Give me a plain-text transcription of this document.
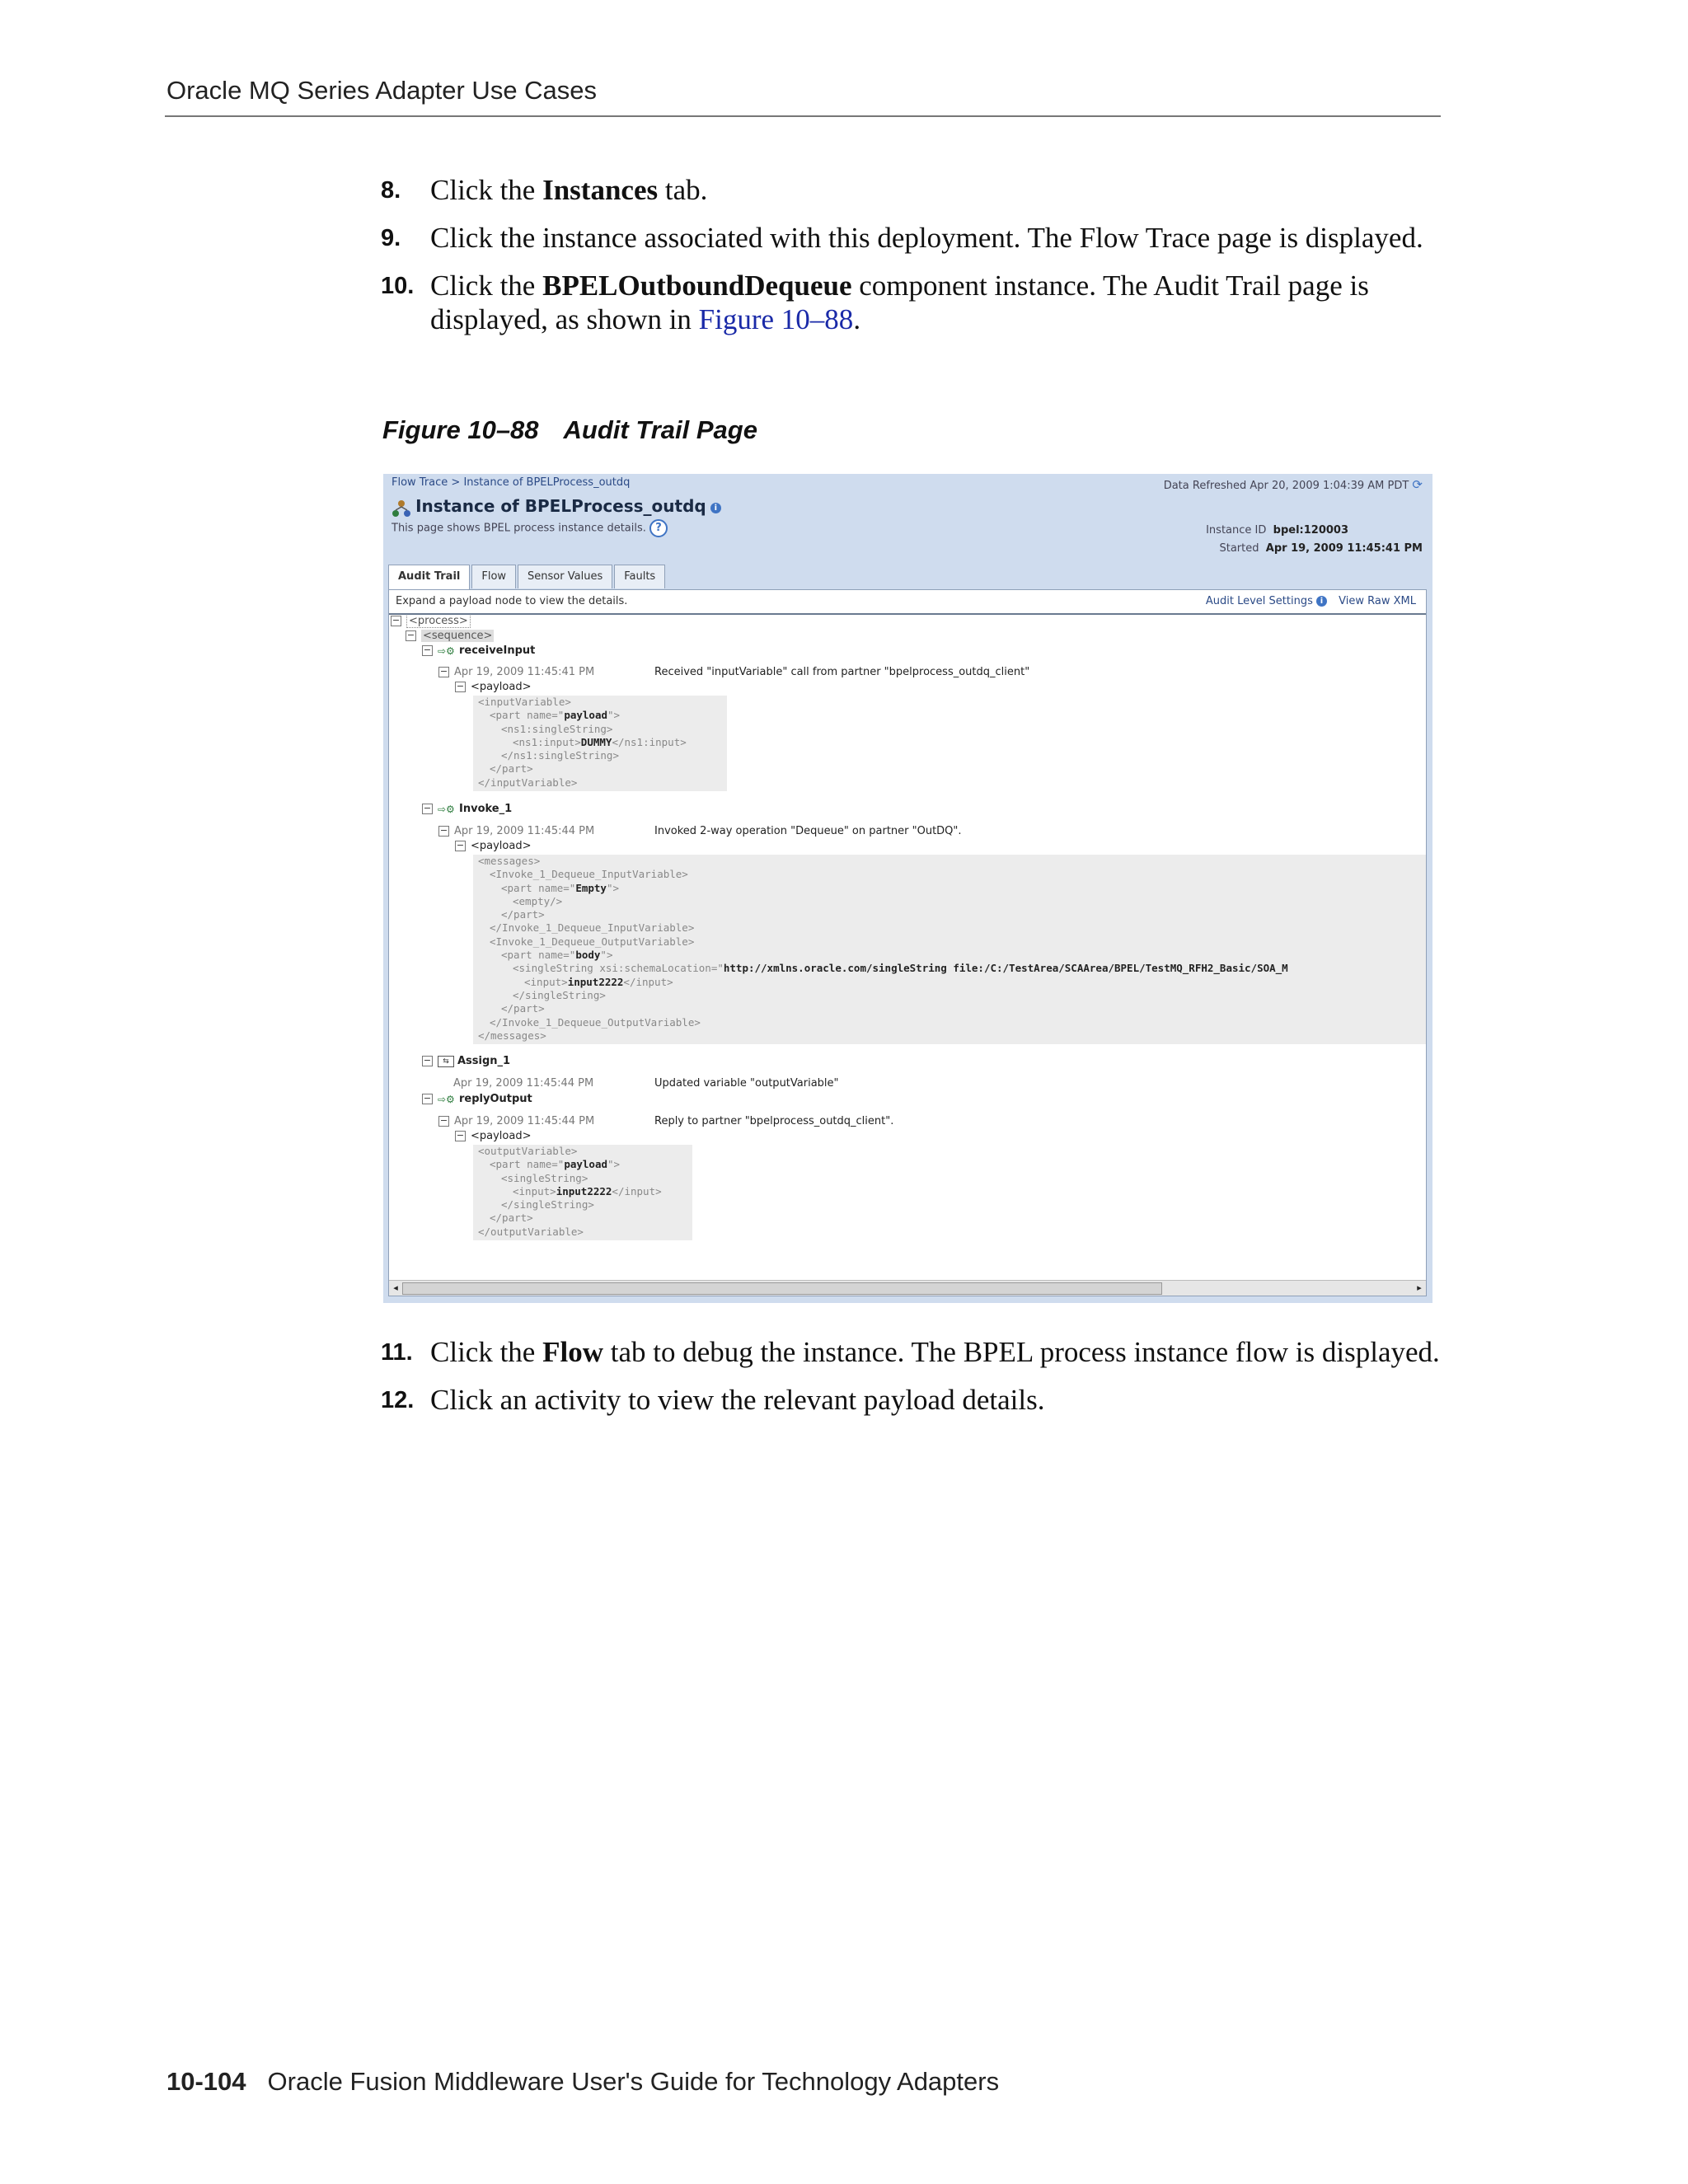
Oracle MQ Series Adapter Use Cases
8. Click the Instances tab.
9. Click the instance associated with this deployment. The Flow Trace page is displayed.
10. Click the BPELOutboundDequeue component instance. The Audit Trail page is displayed, as shown in Figure 10–88.
Figure 10–88 Audit Trail Page
Flow Trace > Instance of BPELProcess_outdq	Data Refreshed Apr 20, 2009 1:04:39 AM PDT ⟳
Instance of BPELProcess_outdq i
This page shows BPEL process instance details. ?	Instance ID bpel:120003
Started Apr 19, 2009 11:45:41 PM
Audit Trail	Flow	Sensor Values	Faults
Expand a payload node to view the details.	Audit Level Settings i	View Raw XML
− <process>
− <sequence>
− ⇨⚙ receiveInput
− Apr 19, 2009 11:45:41 PM	Received "inputVariable" call from partner "bpelprocess_outdq_client"
− <payload>
<inputVariable>
<part name="payload">
<ns1:singleString>
<ns1:input>DUMMY</ns1:input>
</ns1:singleString>
</part>
</inputVariable>
− ⇨⚙ Invoke_1
− Apr 19, 2009 11:45:44 PM	Invoked 2-way operation "Dequeue" on partner "OutDQ".
− <payload>
<messages>
<Invoke_1_Dequeue_InputVariable>
<part name="Empty">
<empty/>
</part>
</Invoke_1_Dequeue_InputVariable>
<Invoke_1_Dequeue_OutputVariable>
<part name="body">
<singleString xsi:schemaLocation="http://xmlns.oracle.com/singleString file:/C:/TestArea/SCAArea/BPEL/TestMQ_RFH2_Basic/SOA_M
<input>input2222</input>
</singleString>
</part>
</Invoke_1_Dequeue_OutputVariable>
</messages>
− ⇆ Assign_1
Apr 19, 2009 11:45:44 PM	Updated variable "outputVariable"
− ⇨⚙ replyOutput
− Apr 19, 2009 11:45:44 PM	Reply to partner "bpelprocess_outdq_client".
− <payload>
<outputVariable>
<part name="payload">
<singleString>
<input>input2222</input>
</singleString>
</part>
</outputVariable>
◂	▸
11. Click the Flow tab to debug the instance. The BPEL process instance flow is displayed.
12. Click an activity to view the relevant payload details.
10-104 Oracle Fusion Middleware User's Guide for Technology Adapters
